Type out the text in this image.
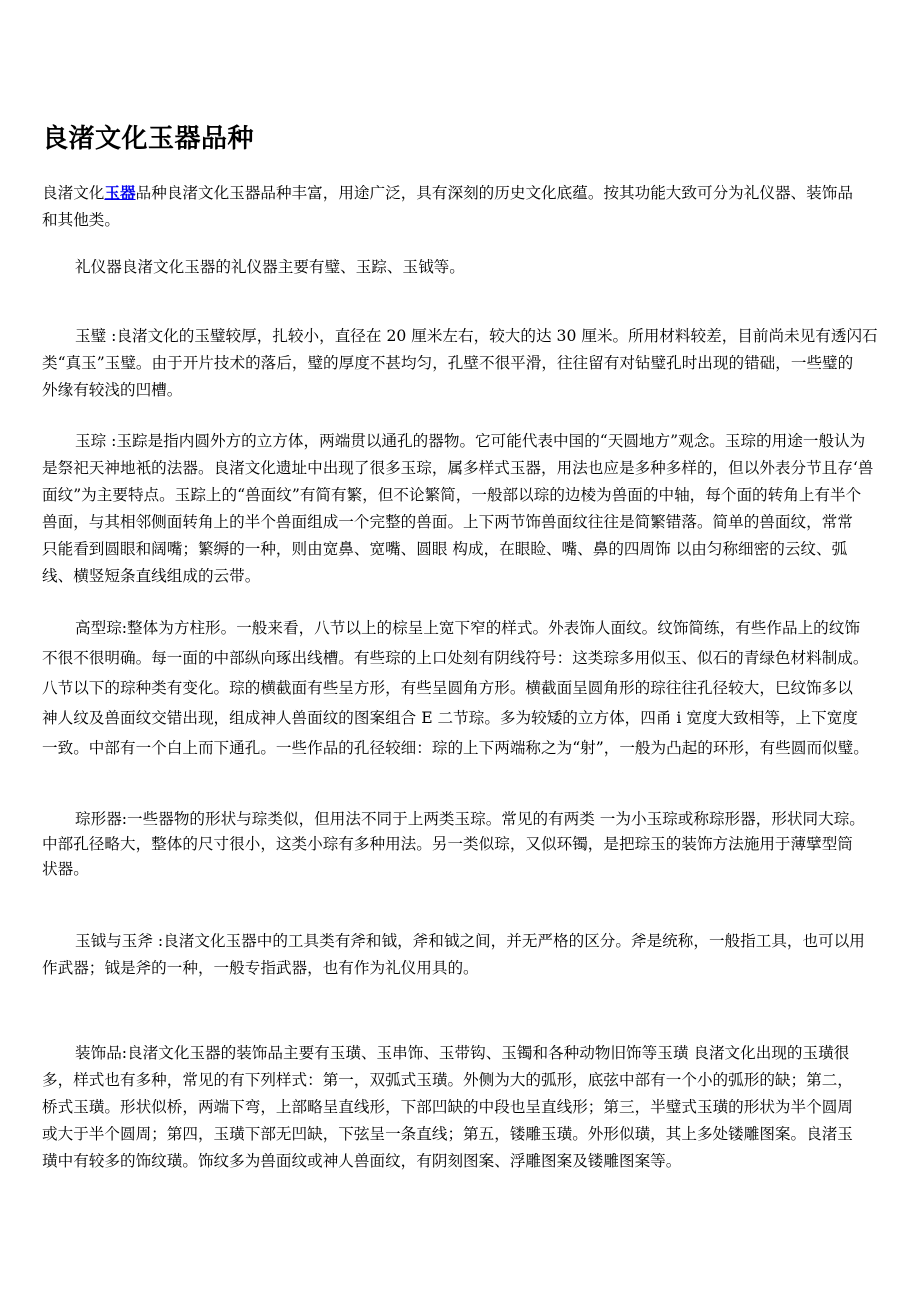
良渚文化玉器品种
良渚文化玉器品种良渚文化玉器品种丰富，用途广泛，具有深刻的历史文化底蕴。按其功能大致可分为礼仪器、装饰品
和其他类。
礼仪器良渚文化玉器的礼仪器主要有璧、玉踪、玉钺等。
玉璧 :良渚文化的玉璧较厚，扎较小，直径在 20 厘米左右，较大的达 30 厘米。所用材料较差，目前尚未见有透闪石
类“真玉”玉璧。由于开片技术的落后，璧的厚度不甚均匀，孔壁不很平滑，往往留有对钻璧孔时出现的错础，一些璧的
外缘有较浅的凹槽。
玉琮 :玉踪是指内圆外方的立方体，两端贯以通孔的器物。它可能代表中国的“天圆地方”观念。玉琮的用途一般认为
是祭祀天神地衹的法器。良渚文化遗址中出现了很多玉琮，属多样式玉器，用法也应是多种多样的，但以外表分节且存‘兽
面纹”为主要特点。玉踪上的“兽面纹”有简有繁，但不论繁简，一般部以琮的边棱为兽面的中轴，每个面的转角上有半个
兽面，与其相邻侧面转角上的半个兽面组成一个完整的兽面。上下两节饰兽面纹往往是简繁错落。简单的兽面纹，常常
只能看到圆眼和阔嘴；繁缛的一种，则由宽鼻、宽嘴、圆眼 构成，在眼睑、嘴、鼻的四周饰 以由匀称细密的云纹、弧
线、横竖短条直线组成的云带。
高型琮:整体为方柱形。一般来看，八节以上的棕呈上宽下窄的样式。外表饰人面纹。纹饰简练，有些作品上的纹饰
不很不很明确。每一面的中部纵向琢出线槽。有些琮的上口处刻有阴线符号：这类琮多用似玉、似石的青绿色材料制成。
八节以下的琮种类有变化。琮的横截面有些呈方形，有些呈圆角方形。横截面呈圆角形的琮往往孔径较大，巳纹饰多以
神人纹及兽面纹交错出现，组成神人兽面纹的图案组合 E 二节琮。多为较矮的立方体，四甬 i 宽度大致相等，上下宽度
一致。中部有一个白上而下通孔。一些作品的孔径较细：琮的上下两端称之为“射”，一般为凸起的环形，有些圆而似璧。
琮形器:一些器物的形状与琮类似，但用法不同于上两类玉琮。常见的有两类 一为小玉琮或称琮形器，形状同大琮。
中部孔径略大，整体的尺寸很小，这类小琮有多种用法。另一类似琮，又似环镯，是把琮玉的装饰方法施用于薄擘型筒
状器。
玉钺与玉斧 :良渚文化玉器中的工具类有斧和钺，斧和钺之间，并无严格的区分。斧是统称，一般指工具，也可以用
作武器；钺是斧的一种，一般专指武器，也有作为礼仪用具的。
装饰品:良渚文化玉器的装饰品主要有玉璜、玉串饰、玉带钩、玉镯和各种动物旧饰等玉璜 良渚文化出现的玉璜很
多，样式也有多种，常见的有下列样式：第一，双弧式玉璜。外侧为大的弧形，底弦中部有一个小的弧形的缺；第二，
桥式玉璜。形状似桥，两端下弯，上部略呈直线形，下部凹缺的中段也呈直线形；第三，半璧式玉璜的形状为半个圆周
或大于半个圆周；第四，玉璜下部无凹缺，下弦呈一条直线；第五，镂雕玉璜。外形似璜，其上多处镂雕图案。良渚玉
璜中有较多的饰纹璜。饰纹多为兽面纹或神人兽面纹，有阴刻图案、浮雕图案及镂雕图案等。
